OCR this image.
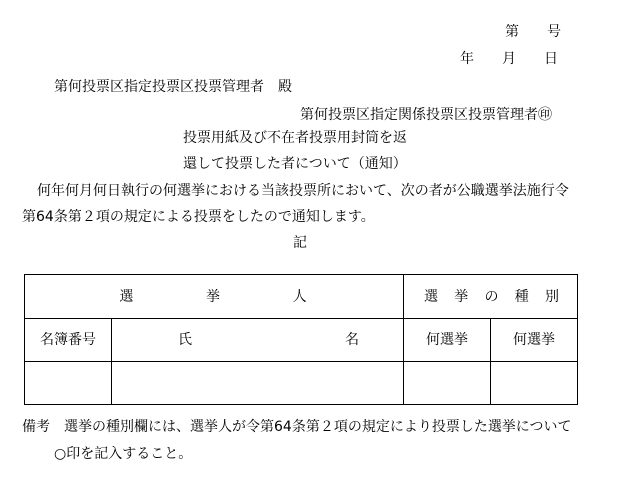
第　　号
年　　月　　日
第何投票区指定投票区投票管理者　殿
第何投票区指定関係投票区投票管理者㊞
投票用紙及び不在者投票用封筒を返
還して投票した者について（通知）
何年何月何日執行の何選挙における当該投票所において、次の者が公職選挙法施行令
第64条第２項の規定による投票をしたので通知します。
記
選 挙 人		選 挙 の 種 別	

名簿番号	氏 名	何選挙	何選挙

備考　選挙の種別欄には、選挙人が令第64条第２項の規定により投票した選挙について
○印を記入すること。
